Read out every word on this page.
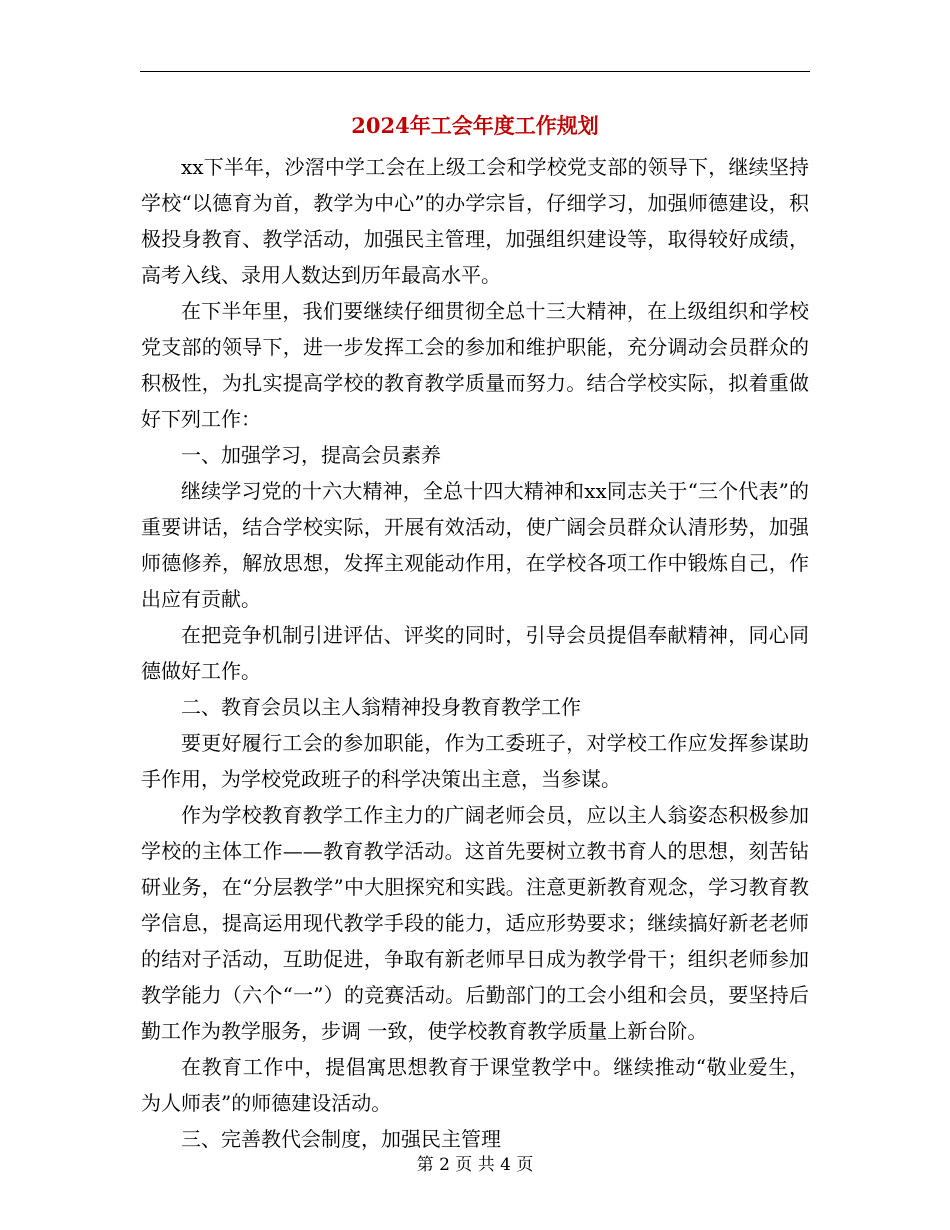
2024年工会年度工作规划

xx下半年，沙滘中学工会在上级工会和学校党支部的领导下，继续坚持学校“以德育为首，教学为中心”的办学宗旨，仔细学习，加强师德建设，积极投身教育、教学活动，加强民主管理，加强组织建设等，取得较好成绩，高考入线、录用人数达到历年最高水平。

在下半年里，我们要继续仔细贯彻全总十三大精神，在上级组织和学校党支部的领导下，进一步发挥工会的参加和维护职能，充分调动会员群众的积极性，为扎实提高学校的教育教学质量而努力。结合学校实际，拟着重做好下列工作：

一、加强学习，提高会员素养

继续学习党的十六大精神，全总十四大精神和xx同志关于“三个代表”的重要讲话，结合学校实际，开展有效活动，使广阔会员群众认清形势，加强师德修养，解放思想，发挥主观能动作用，在学校各项工作中锻炼自己，作出应有贡献。

在把竞争机制引进评估、评奖的同时，引导会员提倡奉献精神，同心同德做好工作。

二、教育会员以主人翁精神投身教育教学工作

要更好履行工会的参加职能，作为工委班子，对学校工作应发挥参谋助手作用，为学校党政班子的科学决策出主意，当参谋。

作为学校教育教学工作主力的广阔老师会员，应以主人翁姿态积极参加学校的主体工作——教育教学活动。这首先要树立教书育人的思想，刻苦钻研业务，在“分层教学”中大胆探究和实践。注意更新教育观念，学习教育教学信息，提高运用现代教学手段的能力，适应形势要求；继续搞好新老老师的结对子活动，互助促进，争取有新老师早日成为教学骨干；组织老师参加教学能力（六个“一”）的竞赛活动。后勤部门的工会小组和会员，要坚持后勤工作为教学服务，步调 一致，使学校教育教学质量上新台阶。

在教育工作中，提倡寓思想教育于课堂教学中。继续推动“敬业爱生，为人师表”的师德建设活动。

三、完善教代会制度，加强民主管理

第 2 页 共 4 页
